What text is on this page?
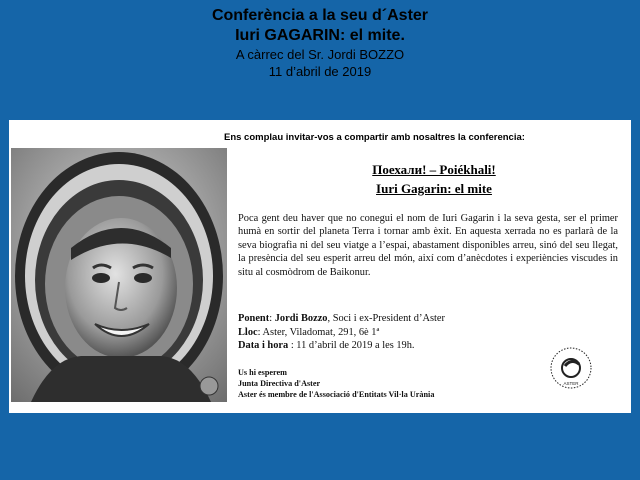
Conferència a la seu d´Aster
Iuri GAGARIN: el mite.
A càrrec del Sr. Jordi BOZZO
11 d’abril de 2019
Ens complau invitar-vos a compartir amb nosaltres la conferencia:
Поехали! – Poiékhali!
Iuri Gagarin: el mite
Poca gent deu haver que no conegui el nom de Iuri Gagarin i la seva gesta, ser el primer humà en sortir del planeta Terra i tornar amb èxit. En aquesta xerrada no es parlarà de la seva biografia ni del seu viatge a l’espai, abastament disponibles arreu, sinó del seu llegat, la presència del seu esperit arreu del món, així com d’anècdotes i experiències viscudes in situ al cosmòdrom de Baikonur.
Ponent: Jordi Bozzo, Soci i ex-President d’Aster
Lloc: Aster, Viladomat, 291, 6è 1ª
Data i hora : 11 d’abril de 2019 a les 19h.
Us hi esperem
Junta Directiva d'Aster
Aster és membre de l'Associació d'Entitats Vil·la Urània
ASTER
